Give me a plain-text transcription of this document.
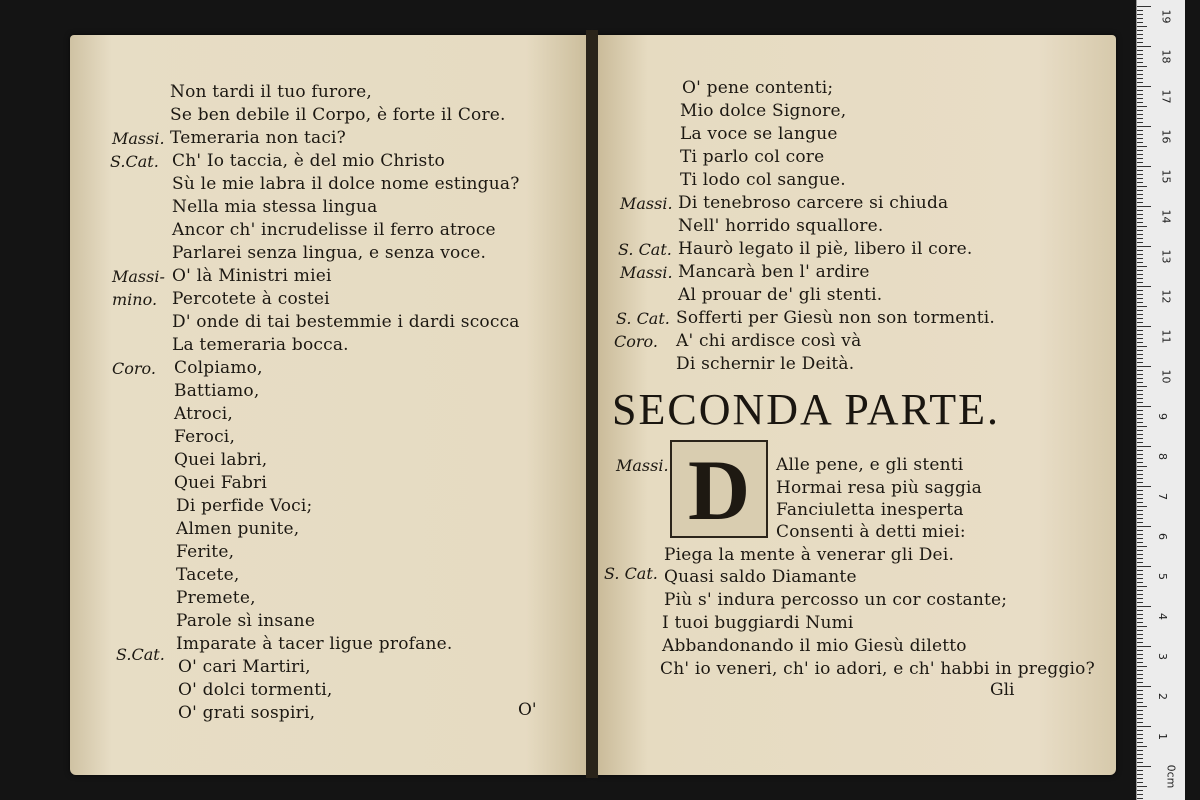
Non tardi il tuo furore,
Se ben debile il Corpo, è forte il Core.
Temeraria non taci?
Ch' Io taccia, è del mio Christo
Sù le mie labra il dolce nome estingua?
Nella mia stessa lingua
Ancor ch' incrudelisse il ferro atroce
Parlarei senza lingua, e senza voce.
O' là Ministri miei
Percotete à costei
D' onde di tai bestemmie i dardi scocca
La temeraria bocca.
Colpiamo,
Battiamo,
Atroci,
Feroci,
Quei labri,
Quei Fabri
Di perfide Voci;
Almen punite,
Ferite,
Tacete,
Premete,
Parole sì insane
Imparate à tacer ligue profane.
O' cari Martiri,
O' dolci tormenti,
O' grati sospiri,
Massi.
S.Cat.
Massi-
mino.
Coro.
S.Cat.
O'
O' pene contenti;
Mio dolce Signore,
La voce se langue
Ti parlo col core
Ti lodo col sangue.
Di tenebroso carcere si chiuda
Nell' horrido squallore.
Haurò legato il piè, libero il core.
Mancarà ben l' ardire
Al prouar de' gli stenti.
Sofferti per Giesù non son tormenti.
A' chi ardisce così và
Di schernir le Deità.
Massi.
S. Cat.
Massi.
S. Cat.
Coro.
SECONDA PARTE.
D	Alle pene, e gli stenti
Hormai resa più saggia
Fanciuletta inesperta
Consenti à detti miei:
Piega la mente à venerar gli Dei.
Quasi saldo Diamante
Più s' indura percosso un cor costante;
I tuoi buggiardi Numi
Abbandonando il mio Giesù diletto
Ch' io veneri, ch' io adori, e ch' habbi in preggio?
Massi.
S. Cat.
Gli
19
18
17
16
15
14
13
12
11
10
9
8
7
6
5
4
3
2
1
0cm
